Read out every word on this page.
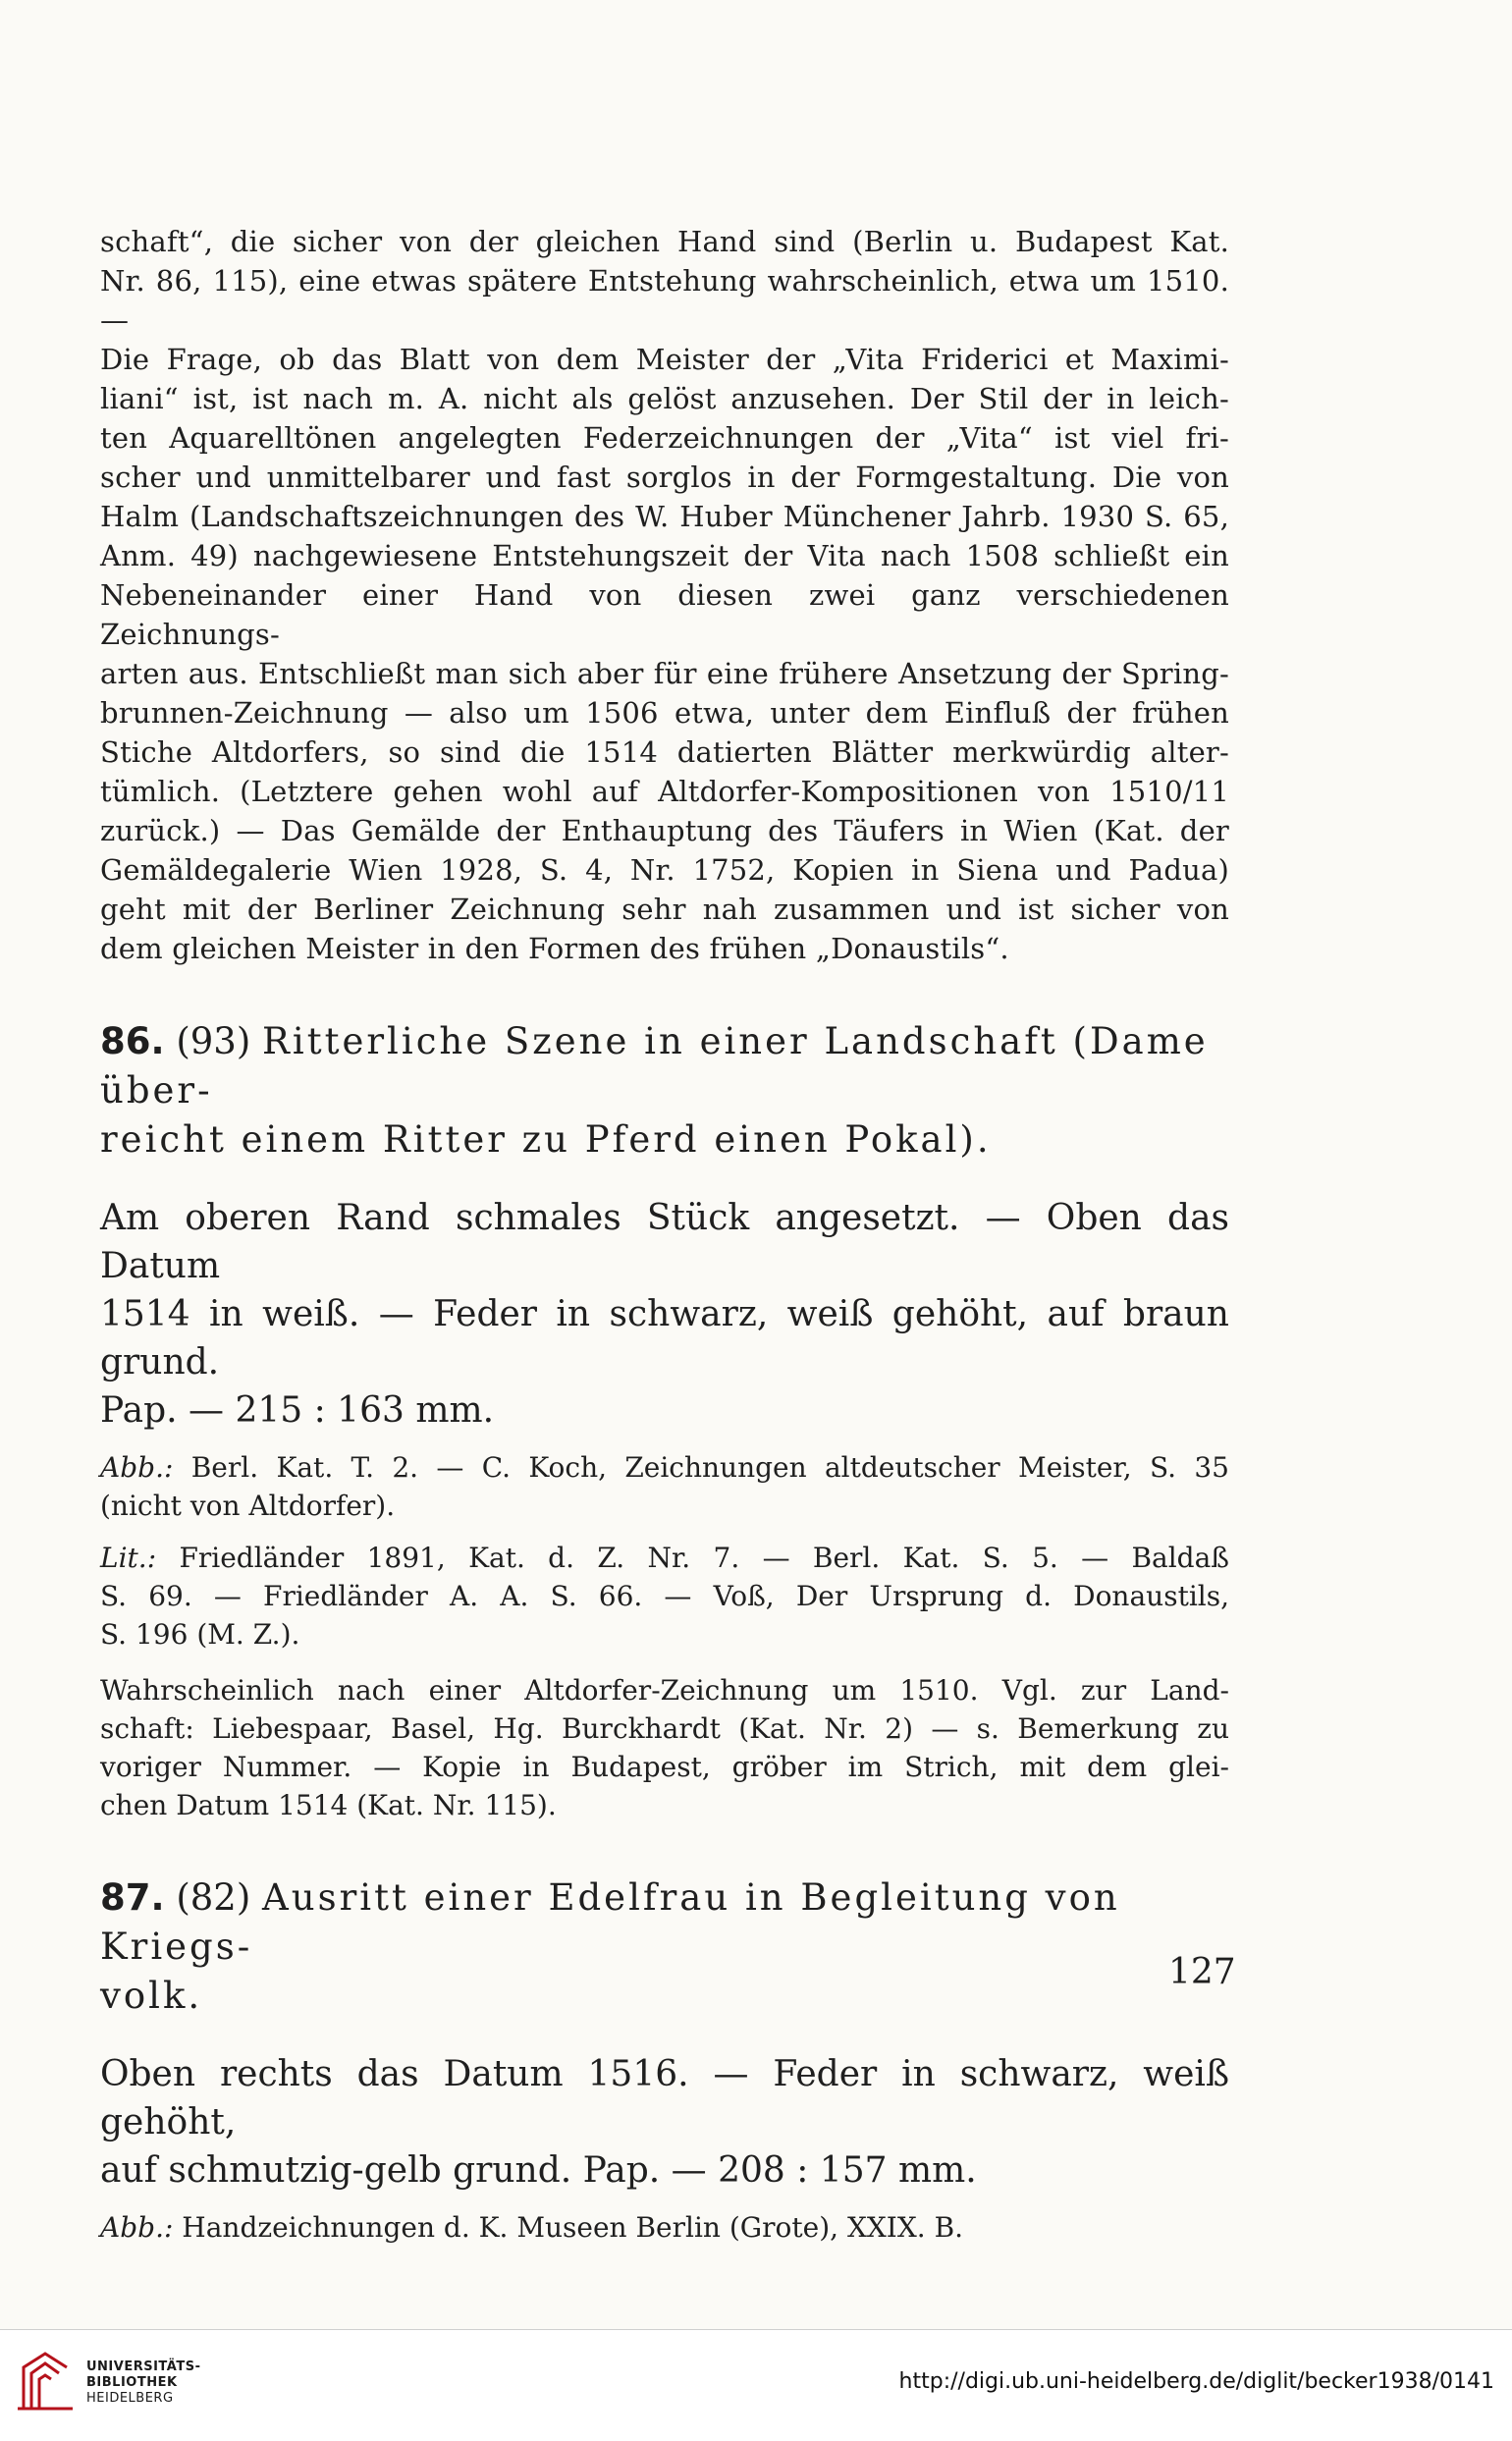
schaft“, die sicher von der gleichen Hand sind (Berlin u. Budapest Kat.
Nr. 86, 115), eine etwas spätere Entstehung wahrscheinlich, etwa um 1510. —
Die Frage, ob das Blatt von dem Meister der „Vita Friderici et Maximi-
liani“ ist, ist nach m. A. nicht als gelöst anzusehen. Der Stil der in leich-
ten Aquarelltönen angelegten Federzeichnungen der „Vita“ ist viel fri-
scher und unmittelbarer und fast sorglos in der Formgestaltung. Die von
Halm (Landschaftszeichnungen des W. Huber Münchener Jahrb. 1930 S. 65,
Anm. 49) nachgewiesene Entstehungszeit der Vita nach 1508 schließt ein
Nebeneinander einer Hand von diesen zwei ganz verschiedenen Zeichnungs-
arten aus. Entschließt man sich aber für eine frühere Ansetzung der Spring-
brunnen-Zeichnung — also um 1506 etwa, unter dem Einfluß der frühen
Stiche Altdorfers, so sind die 1514 datierten Blätter merkwürdig alter-
tümlich. (Letztere gehen wohl auf Altdorfer-Kompositionen von 1510/11
zurück.) — Das Gemälde der Enthauptung des Täufers in Wien (Kat. der
Gemäldegalerie Wien 1928, S. 4, Nr. 1752, Kopien in Siena und Padua)
geht mit der Berliner Zeichnung sehr nah zusammen und ist sicher von
dem gleichen Meister in den Formen des frühen „Donaustils“.

86. (93) Ritterliche Szene in einer Landschaft (Dame über-
reicht einem Ritter zu Pferd einen Pokal).

Am oberen Rand schmales Stück angesetzt. — Oben das Datum
1514 in weiß. — Feder in schwarz, weiß gehöht, auf braun grund.
Pap. — 215 : 163 mm.

Abb.: Berl. Kat. T. 2. — C. Koch, Zeichnungen altdeutscher Meister, S. 35
(nicht von Altdorfer).

Lit.: Friedländer 1891, Kat. d. Z. Nr. 7. — Berl. Kat. S. 5. — Baldaß
S. 69. — Friedländer A. A. S. 66. — Voß, Der Ursprung d. Donaustils,
S. 196 (M. Z.).

Wahrscheinlich nach einer Altdorfer-Zeichnung um 1510. Vgl. zur Land-
schaft: Liebespaar, Basel, Hg. Burckhardt (Kat. Nr. 2) — s. Bemerkung zu
voriger Nummer. — Kopie in Budapest, gröber im Strich, mit dem glei-
chen Datum 1514 (Kat. Nr. 115).

87. (82) Ausritt einer Edelfrau in Begleitung von Kriegs-
volk.

Oben rechts das Datum 1516. — Feder in schwarz, weiß gehöht,
auf schmutzig-gelb grund. Pap. — 208 : 157 mm.

Abb.: Handzeichnungen d. K. Museen Berlin (Grote), XXIX. B.

127
UNIVERSITÄTS-
BIBLIOTHEK
HEIDELBERG
http://digi.ub.uni-heidelberg.de/diglit/becker1938/0141
